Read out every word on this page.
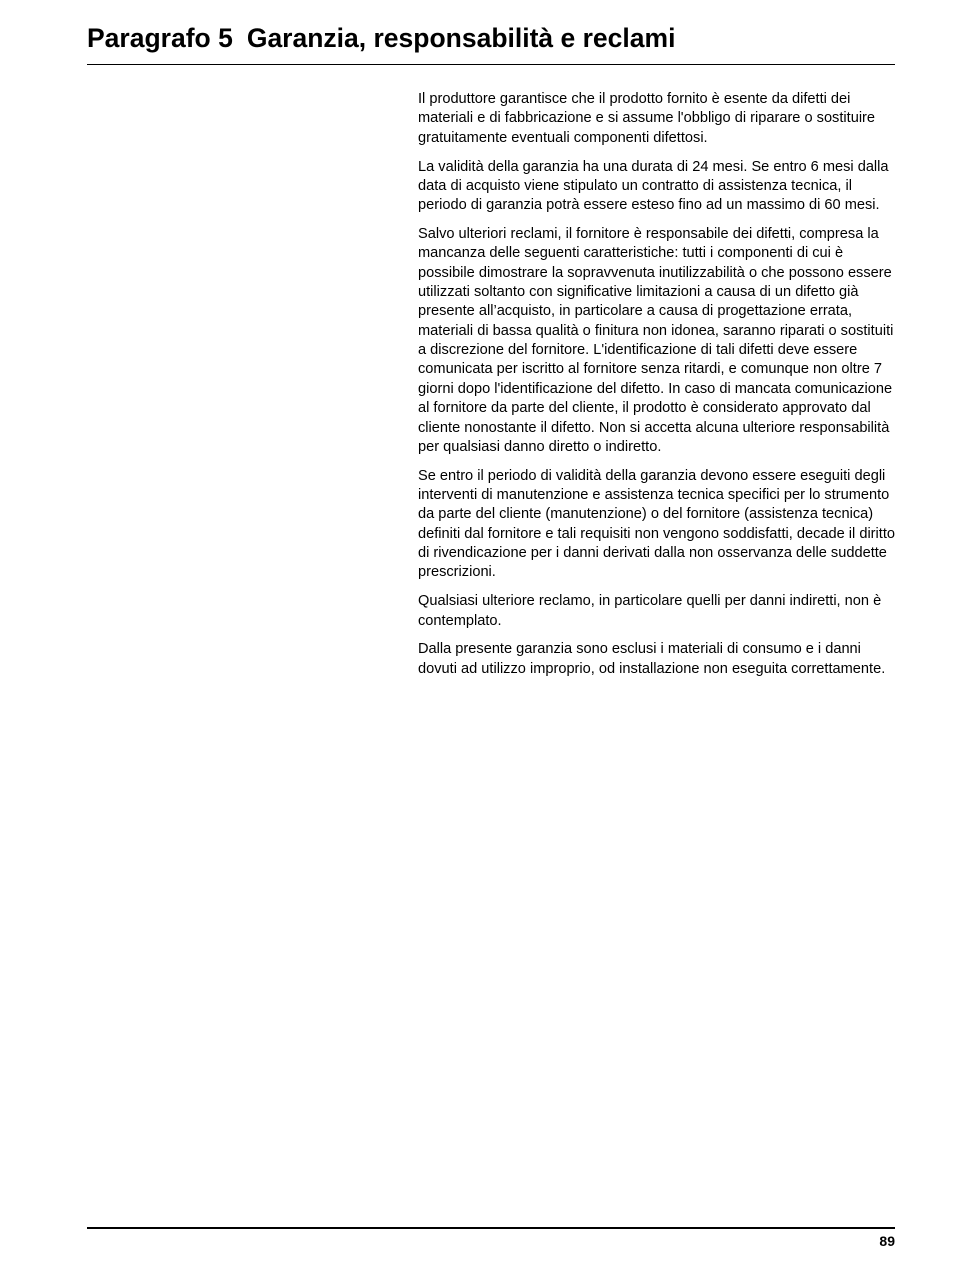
Paragrafo 5 Garanzia, responsabilità e reclami

Il produttore garantisce che il prodotto fornito è esente da difetti dei materiali e di fabbricazione e si assume l'obbligo di riparare o sostituire gratuitamente eventuali componenti difettosi.

La validità della garanzia ha una durata di 24 mesi. Se entro 6 mesi dalla data di acquisto viene stipulato un contratto di assistenza tecnica, il periodo di garanzia potrà essere esteso fino ad un massimo di 60 mesi.

Salvo ulteriori reclami, il fornitore è responsabile dei difetti, compresa la mancanza delle seguenti caratteristiche: tutti i componenti di cui è possibile dimostrare la sopravvenuta inutilizzabilità o che possono essere utilizzati soltanto con significative limitazioni a causa di un difetto già presente all’acquisto, in particolare a causa di progettazione errata, materiali di bassa qualità o finitura non idonea, saranno riparati o sostituiti a discrezione del fornitore. L'identificazione di tali difetti deve essere comunicata per iscritto al fornitore senza ritardi, e comunque non oltre 7 giorni dopo l'identificazione del difetto. In caso di mancata comunicazione al fornitore da parte del cliente, il prodotto è considerato approvato dal cliente nonostante il difetto. Non si accetta alcuna ulteriore responsabilità per qualsiasi danno diretto o indiretto.

Se entro il periodo di validità della garanzia devono essere eseguiti degli interventi di manutenzione e assistenza tecnica specifici per lo strumento da parte del cliente (manutenzione) o del fornitore (assistenza tecnica) definiti dal fornitore e tali requisiti non vengono soddisfatti, decade il diritto di rivendicazione per i danni derivati dalla non osservanza delle suddette prescrizioni.

Qualsiasi ulteriore reclamo, in particolare quelli per danni indiretti, non è contemplato.

Dalla presente garanzia sono esclusi i materiali di consumo e i danni dovuti ad utilizzo improprio, od installazione non eseguita correttamente.

89
